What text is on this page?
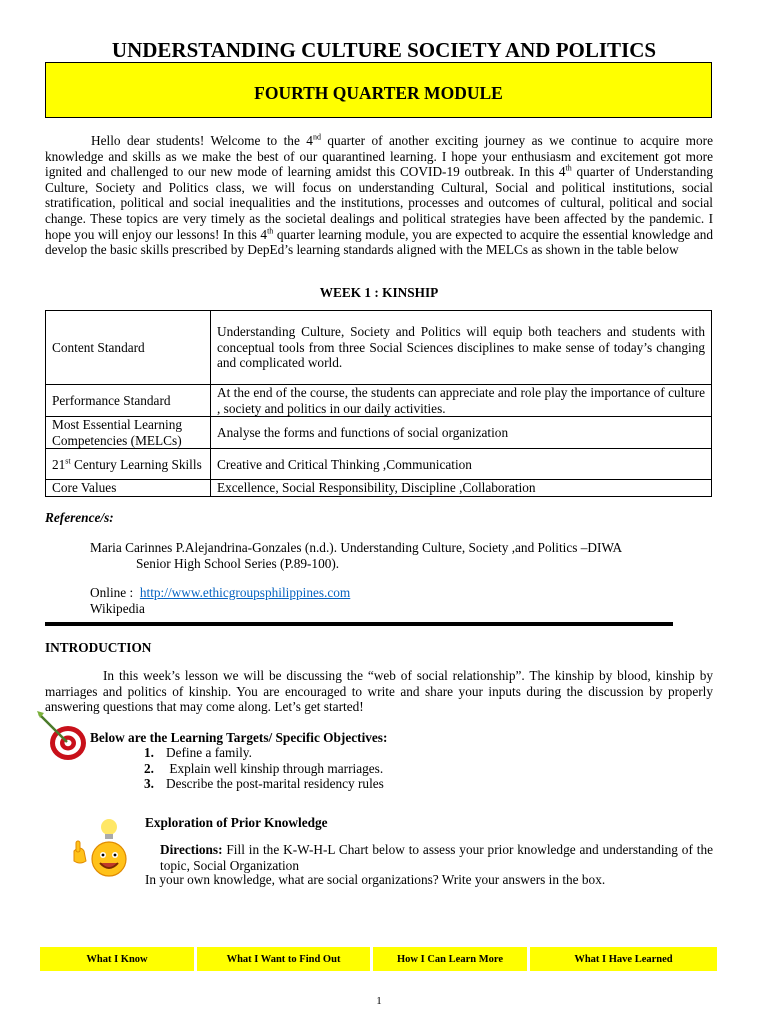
UNDERSTANDING CULTURE SOCIETY AND POLITICS
FOURTH QUARTER MODULE
Hello dear students! Welcome to the 4nd quarter of another exciting journey as we continue to acquire more knowledge and skills as we make the best of our quarantined learning. I hope your enthusiasm and excitement got more ignited and challenged to our new mode of learning amidst this COVID-19 outbreak. In this 4th quarter of Understanding Culture, Society and Politics class, we will focus on understanding Cultural, Social and political institutions, social stratification, political and social inequalities and the institutions, processes and outcomes of cultural, political and social change. These topics are very timely as the societal dealings and political strategies have been affected by the pandemic. I hope you will enjoy our lessons! In this 4th quarter learning module, you are expected to acquire the essential knowledge and develop the basic skills prescribed by DepEd’s learning standards aligned with the MELCs as shown in the table below
WEEK 1 : KINSHIP
Content Standard	Understanding Culture, Society and Politics will equip both teachers and students with conceptual tools from three Social Sciences disciplines to make sense of today’s changing and complicated world.
Performance Standard	At the end of the course, the students can appreciate and role play the importance of culture , society and politics in our daily activities.
Most Essential Learning Competencies (MELCs)	Analyse the forms and functions of social organization
21st Century Learning Skills	Creative and Critical Thinking ,Communication
Core Values	Excellence, Social Responsibility, Discipline ,Collaboration
Reference/s:
Maria Carinnes P.Alejandrina-Gonzales (n.d.). Understanding Culture, Society ,and Politics –DIWA
Senior High School Series (P.89-100).
Online : http://www.ethicgroupsphilippines.com
Wikipedia
INTRODUCTION
In this week’s lesson we will be discussing the “web of social relationship”. The kinship by blood, kinship by marriages and politics of kinship. You are encouraged to write and share your inputs during the discussion by properly answering questions that may come along. Let’s get started!
Below are the Learning Targets/ Specific Objectives:
1. Define a family.
2. Explain well kinship through marriages.
3. Describe the post-marital residency rules
Exploration of Prior Knowledge
Directions: Fill in the K-W-H-L Chart below to assess your prior knowledge and understanding of the topic, Social Organization
In your own knowledge, what are social organizations? Write your answers in the box.
What I Know	What I Want to Find Out	How I Can Learn More	What I Have Learned
1
